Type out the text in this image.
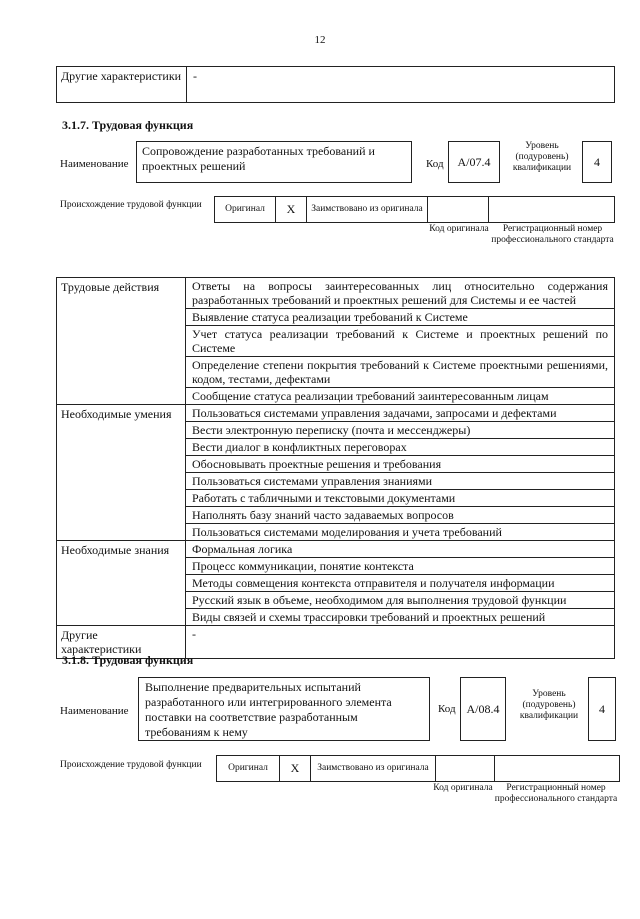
12
Другие характеристики	-
3.1.7. Трудовая функция
Наименование
Сопровождение разработанных требований и проектных решений	Код	A/07.4
Уровень (подуровень) квалификации	4
Происхождение трудовой функции	Оригинал	X	Заимствовано из оригинала		
Код оригинала	Регистрационный номер профессионального стандарта
Трудовые действия	Ответы на вопросы заинтересованных лиц относительно содержания разработанных требований и проектных решений для Системы и ее частей
	Выявление статуса реализации требований к Системе
	Учет статуса реализации требований к Системе и проектных решений по Системе
	Определение степени покрытия требований к Системе проектными решениями, кодом, тестами, дефектами
	Сообщение статуса реализации требований заинтересованным лицам
Необходимые умения	Пользоваться системами управления задачами, запросами и дефектами
	Вести электронную переписку (почта и мессенджеры)
	Вести диалог в конфликтных переговорах
	Обосновывать проектные решения и требования
	Пользоваться системами управления знаниями
	Работать с табличными и текстовыми документами
	Наполнять базу знаний часто задаваемых вопросов
	Пользоваться системами моделирования и учета требований
Необходимые знания	Формальная логика
	Процесс коммуникации, понятие контекста
	Методы совмещения контекста отправителя и получателя информации
	Русский язык в объеме, необходимом для выполнения трудовой функции
	Виды связей и схемы трассировки требований и проектных решений
Другие характеристики	-
3.1.8. Трудовая функция
Наименование
Выполнение предварительных испытаний разработанного или интегрированного элемента поставки на соответствие разработанным требованиям к нему
Код A/08.4
Уровень (подуровень) квалификации	4
Происхождение трудовой функции	Оригинал	X	Заимствовано из оригинала		
Код оригинала	Регистрационный номер профессионального стандарта
